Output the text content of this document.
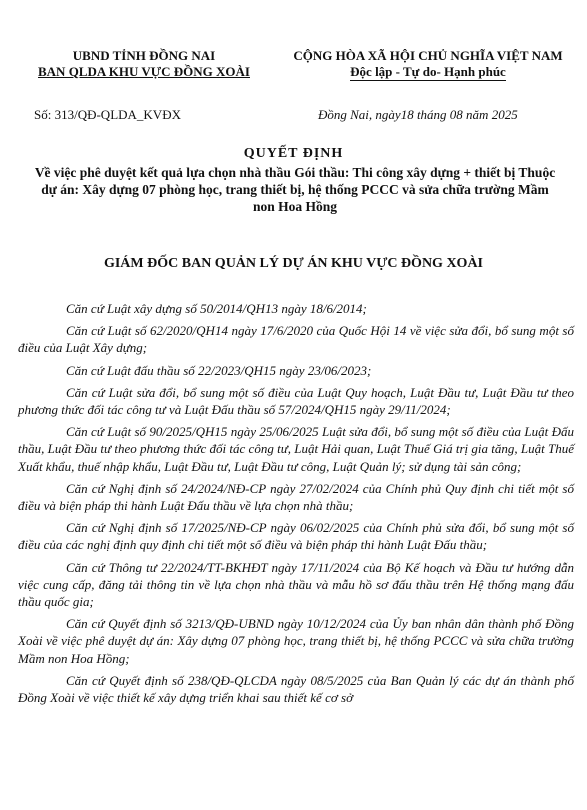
UBND TỈNH ĐỒNG NAI
BAN QLDA KHU VỰC ĐỒNG XOÀI
CỘNG HÒA XÃ HỘI CHỦ NGHĨA VIỆT NAM
Độc lập - Tự do- Hạnh phúc
Số: 313/QĐ-QLDA_KVĐX	Đồng Nai, ngày18 tháng 08 năm 2025
QUYẾT ĐỊNH
Về việc phê duyệt kết quả lựa chọn nhà thầu Gói thầu: Thi công xây dựng + thiết bị Thuộc dự án: Xây dựng 07 phòng học, trang thiết bị, hệ thống PCCC và sửa chữa trường Mầm non Hoa Hồng
GIÁM ĐỐC BAN QUẢN LÝ DỰ ÁN KHU VỰC ĐỒNG XOÀI

Căn cứ Luật xây dựng số 50/2014/QH13 ngày 18/6/2014;

Căn cứ Luật số 62/2020/QH14 ngày 17/6/2020 của Quốc Hội 14 về việc sửa đổi, bổ sung một số điều của Luật Xây dựng;

Căn cứ Luật đấu thầu số 22/2023/QH15 ngày 23/06/2023;

Căn cứ Luật sửa đổi, bổ sung một số điều của Luật Quy hoạch, Luật Đầu tư, Luật Đầu tư theo phương thức đối tác công tư và Luật Đấu thầu số 57/2024/QH15 ngày 29/11/2024;

Căn cứ Luật số 90/2025/QH15 ngày 25/06/2025 Luật sửa đổi, bổ sung một số điều của Luật Đấu thầu, Luật Đầu tư theo phương thức đối tác công tư, Luật Hải quan, Luật Thuế Giá trị gia tăng, Luật Thuế Xuất khẩu, thuế nhập khẩu, Luật Đầu tư, Luật Đầu tư công, Luật Quản lý; sử dụng tài sản công;

Căn cứ Nghị định số 24/2024/NĐ-CP ngày 27/02/2024 của Chính phủ Quy định chi tiết một số điều và biện pháp thi hành Luật Đấu thầu về lựa chọn nhà thầu;

Căn cứ Nghị định số 17/2025/NĐ-CP ngày 06/02/2025 của Chính phủ sửa đổi, bổ sung một số điều của các nghị định quy định chi tiết một số điều và biện pháp thi hành Luật Đấu thầu;

Căn cứ Thông tư 22/2024/TT-BKHĐT ngày 17/11/2024 của Bộ Kế hoạch và Đầu tư hướng dẫn việc cung cấp, đăng tải thông tin về lựa chọn nhà thầu và mẫu hồ sơ đấu thầu trên Hệ thống mạng đấu thầu quốc gia;

Căn cứ Quyết định số 3213/QĐ-UBND ngày 10/12/2024 của Ủy ban nhân dân thành phố Đồng Xoài về việc phê duyệt dự án: Xây dựng 07 phòng học, trang thiết bị, hệ thống PCCC và sửa chữa trường Mầm non Hoa Hồng;

Căn cứ Quyết định số 238/QĐ-QLCDA ngày 08/5/2025 của Ban Quản lý các dự án thành phố Đồng Xoài về việc thiết kế xây dựng triển khai sau thiết kế cơ sở
